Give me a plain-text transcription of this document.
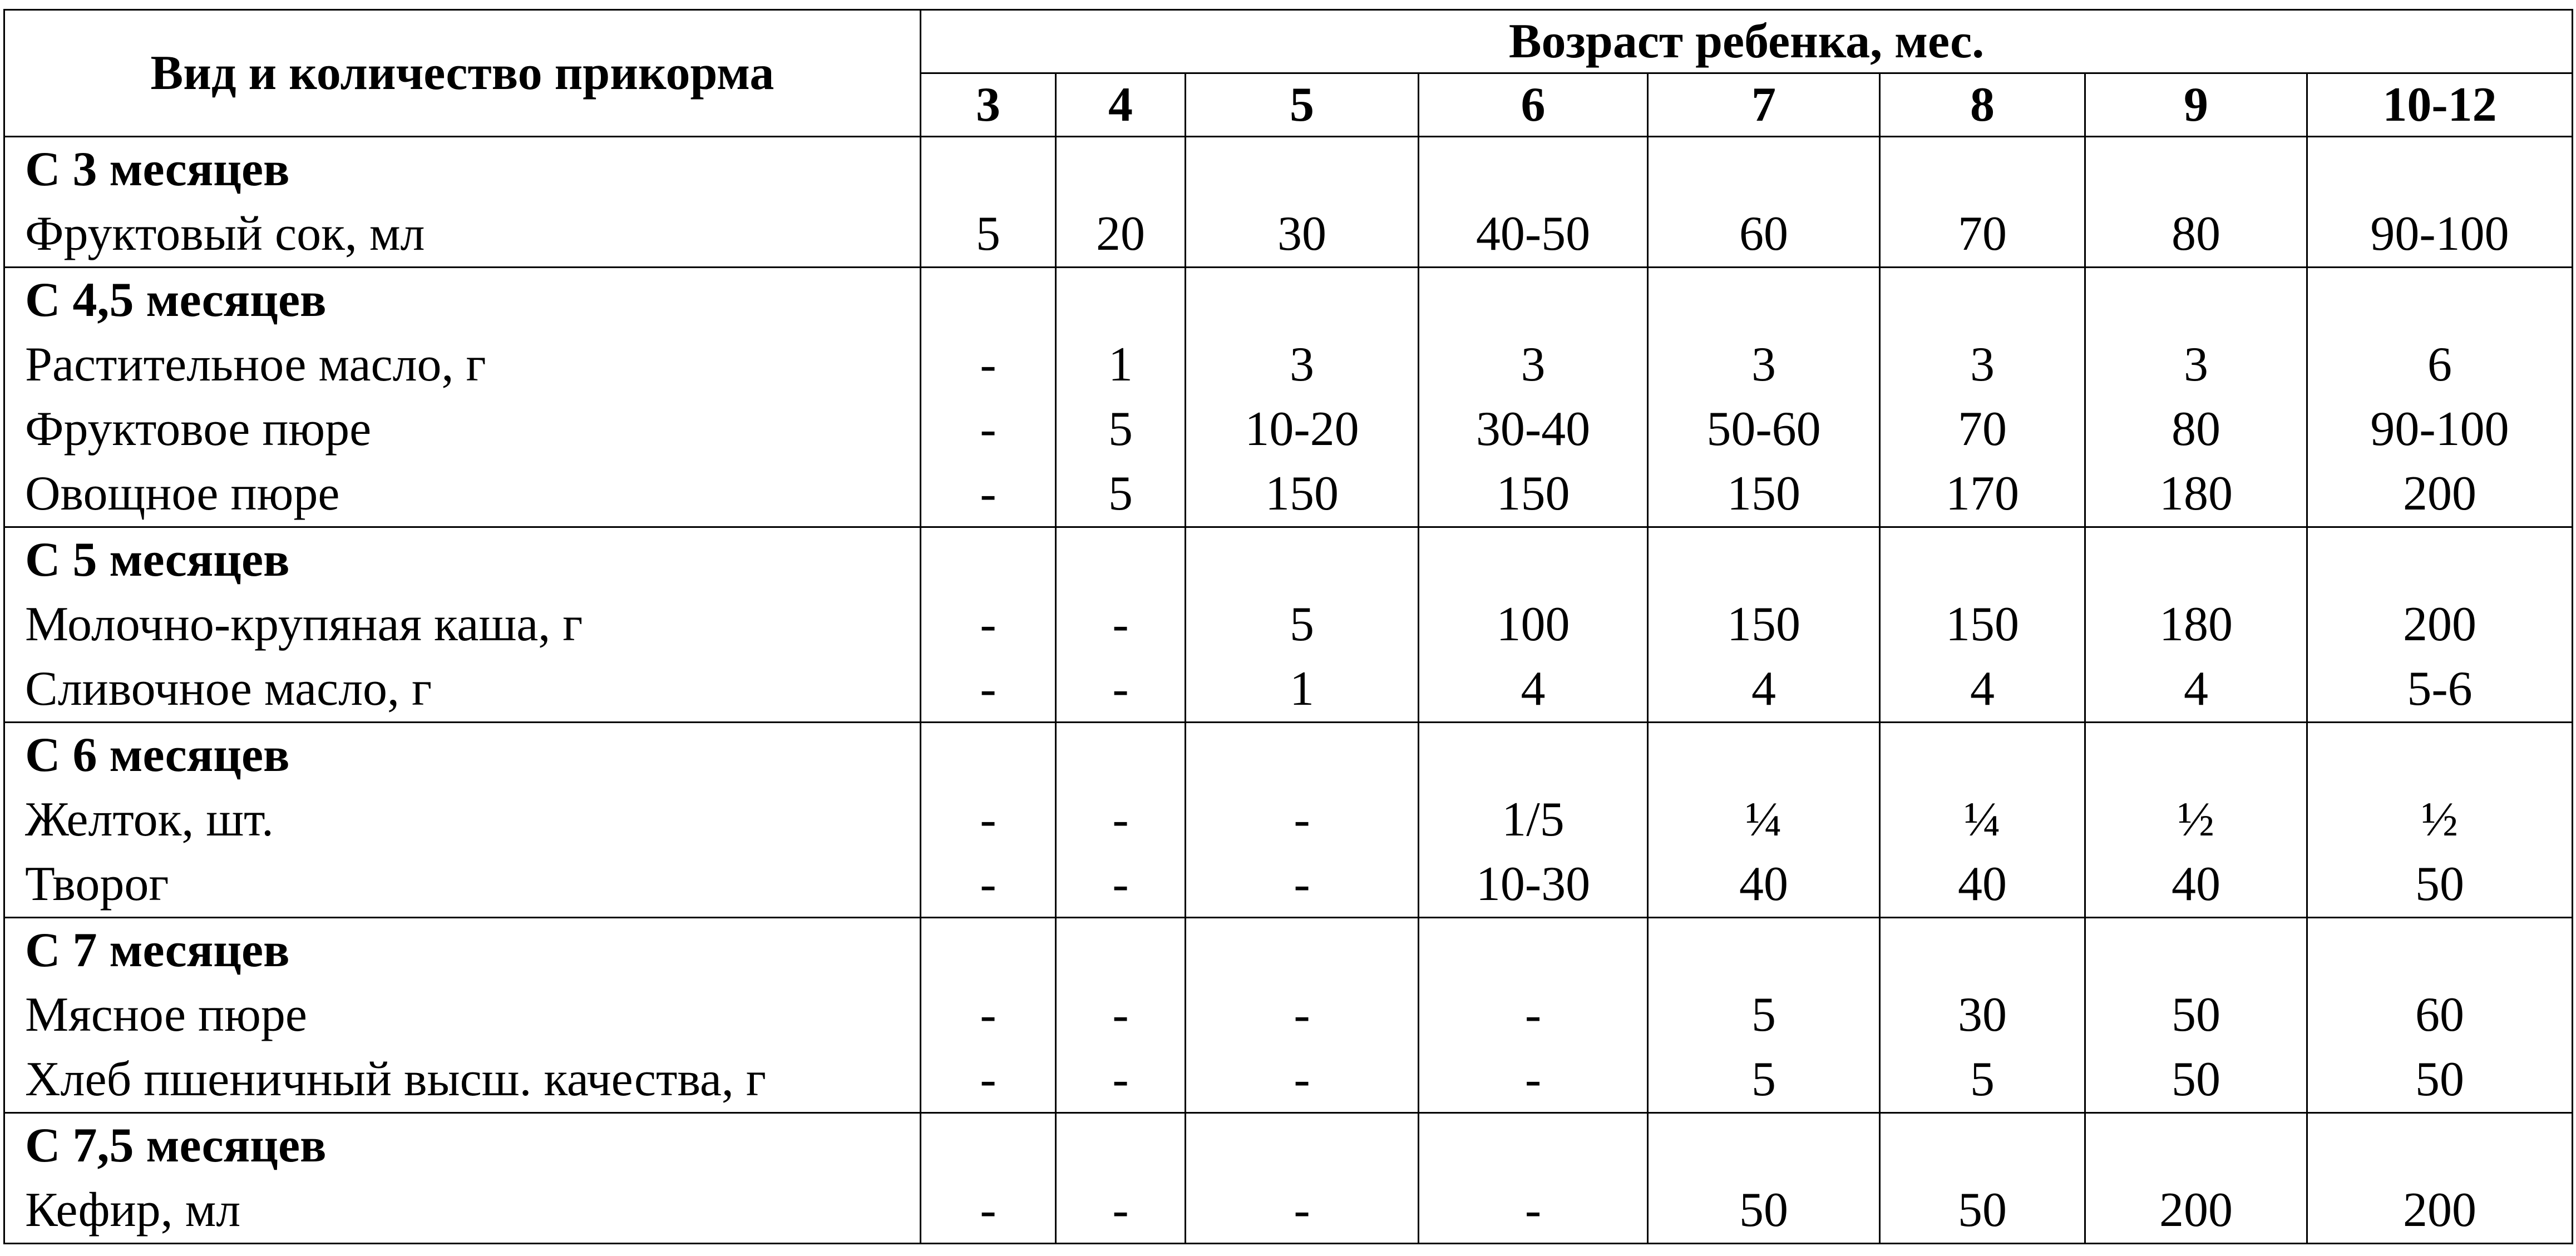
Вид и количество прикорма	Возраст ребенка, мес.							
	3	4	5	6	7	8	9	10-12
С 3 месяцев								
Фруктовый сок, мл	5	20	30	40-50	60	70	80	90-100
С 4,5 месяцев								
Растительное масло, г	-	1	3	3	3	3	3	6
Фруктовое пюре	-	5	10-20	30-40	50-60	70	80	90-100
Овощное пюре	-	5	150	150	150	170	180	200
С 5 месяцев								
Молочно-крупяная каша, г	-	-	5	100	150	150	180	200
Сливочное масло, г	-	-	1	4	4	4	4	5-6
С 6 месяцев								
Желток, шт.	-	-	-	1/5	¼	¼	½	½
Творог	-	-	-	10-30	40	40	40	50
С 7 месяцев								
Мясное пюре	-	-	-	-	5	30	50	60
Хлеб пшеничный высш. качества, г	-	-	-	-	5	5	50	50
С 7,5 месяцев								
Кефир, мл	-	-	-	-	50	50	200	200
